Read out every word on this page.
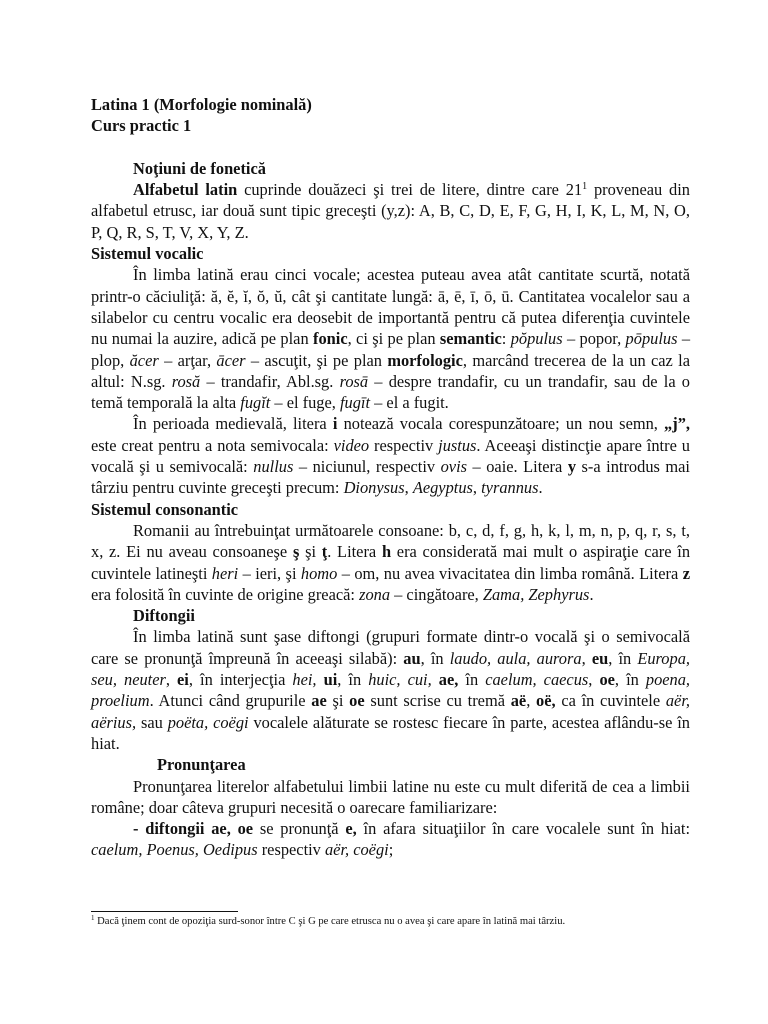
Latina 1 (Morfologie nominală)

Curs practic 1

Noţiuni de fonetică

Alfabetul latin cuprinde douăzeci şi trei de litere, dintre care $21^1$ proveneau din alfabetul etrusc, iar două sunt tipic greceşti (y,z): A, B, C, D, E, F, G, H, I, K, L, M, N, O, P, Q, R, S, T, V, X, Y, Z.

Sistemul vocalic

În limba latină erau cinci vocale; acestea puteau avea atât cantitate scurtă, notată printr-o căciuliţă: ă, ĕ, ĭ, ŏ, ŭ, cât şi cantitate lungă: ā, ē, ī, ō, ū. Cantitatea vocalelor sau a silabelor cu centru vocalic era deosebit de importantă pentru că putea diferenţia cuvintele nu numai la auzire, adică pe plan fonic, ci şi pe plan semantic: pŏpulus – popor, pōpulus – plop, ăcer – arţar, ācer – ascuţit, şi pe plan morfologic, marcând trecerea de la un caz la altul: N.sg. rosă – trandafir, Abl.sg. rosā – despre trandafir, cu un trandafir, sau de la o temă temporală la alta fugĭt – el fuge, fugīt – el a fugit.

În perioada medievală, litera i notează vocala corespunzătoare; un nou semn, „j”, este creat pentru a nota semivocala: video respectiv justus. Aceeaşi distincţie apare între u vocală şi u semivocală: nullus – niciunul, respectiv ovis – oaie. Litera y s-a introdus mai târziu pentru cuvinte greceşti precum: Dionysus, Aegyptus, tyrannus.

Sistemul consonantic

Romanii au întrebuinţat următoarele consoane: b, c, d, f, g, h, k, l, m, n, p, q, r, s, t, x, z. Ei nu aveau consoaneşe ş şi ţ. Litera h era considerată mai mult o aspiraţie care în cuvintele latineşti heri – ieri, şi homo – om, nu avea vivacitatea din limba română. Litera z era folosită în cuvinte de origine greacă: zona – cingătoare, Zama, Zephyrus.

Diftongii

În limba latină sunt şase diftongi (grupuri formate dintr-o vocală şi o semivocală care se pronunţă împreună în aceeaşi silabă): au, în laudo, aula, aurora, eu, în Europa, seu, neuter, ei, în interjecţia hei, ui, în huic, cui, ae, în caelum, caecus, oe, în poena, proelium. Atunci când grupurile ae şi oe sunt scrise cu tremă aë, oë, ca în cuvintele aër, aërius, sau poëta, coëgi vocalele alăturate se rostesc fiecare în parte, acestea aflându-se în hiat.

Pronunţarea

Pronunţarea literelor alfabetului limbii latine nu este cu mult diferită de cea a limbii române; doar câteva grupuri necesită o oarecare familiarizare:

- diftongii ae, oe se pronunţă e, în afara situaţiilor în care vocalele sunt în hiat: caelum, Poenus, Oedipus respectiv aër, coëgi;

$^1$ Dacă ţinem cont de opoziţia surd-sonor între C şi G pe care etrusca nu o avea şi care apare în latină mai târziu.
